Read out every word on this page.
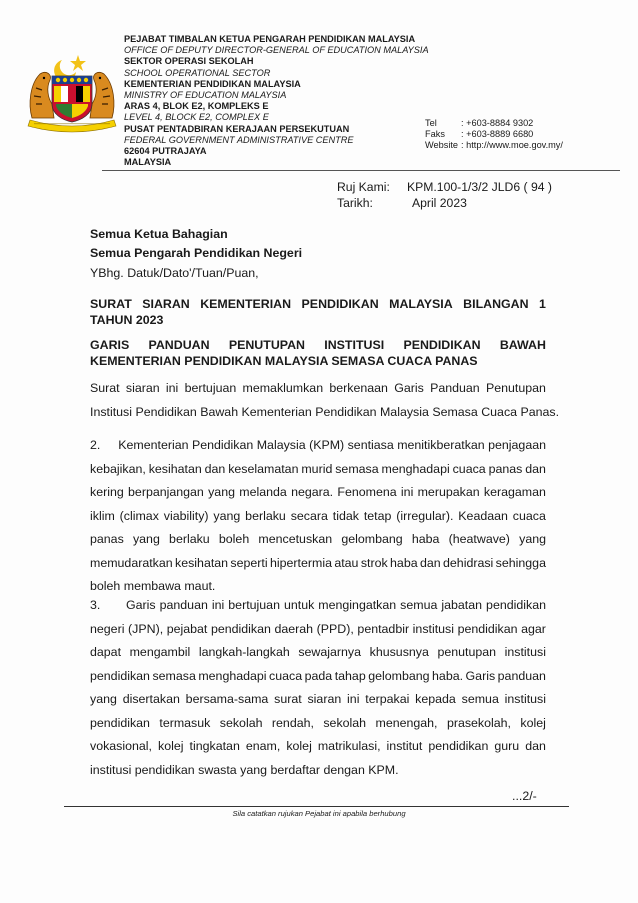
PEJABAT TIMBALAN KETUA PENGARAH PENDIDIKAN MALAYSIA
OFFICE OF DEPUTY DIRECTOR-GENERAL OF EDUCATION MALAYSIA
SEKTOR OPERASI SEKOLAH
SCHOOL OPERATIONAL SECTOR
KEMENTERIAN PENDIDIKAN MALAYSIA
MINISTRY OF EDUCATION MALAYSIA
ARAS 4, BLOK E2, KOMPLEKS E
LEVEL 4, BLOCK E2, COMPLEX E
PUSAT PENTADBIRAN KERAJAAN PERSEKUTUAN
FEDERAL GOVERNMENT ADMINISTRATIVE CENTRE
62604 PUTRAJAYA
MALAYSIA
Tel	: +603-8884 9302
Faks : +603-8889 6680
Website : http://www.moe.gov.my/
Ruj Kami: KPM.100-1/3/2 JLD6 ( 94 )
Tarikh:	April 2023
Semua Ketua Bahagian
Semua Pengarah Pendidikan Negeri
YBhg. Datuk/Dato'/Tuan/Puan,
SURAT SIARAN KEMENTERIAN PENDIDIKAN MALAYSIA BILANGAN 1
TAHUN 2023
GARIS PANDUAN PENUTUPAN INSTITUSI PENDIDIKAN BAWAH
KEMENTERIAN PENDIDIKAN MALAYSIA SEMASA CUACA PANAS
Surat siaran ini bertujuan memaklumkan berkenaan Garis Panduan Penutupan
Institusi Pendidikan Bawah Kementerian Pendidikan Malaysia Semasa Cuaca Panas.
2.	Kementerian Pendidikan Malaysia (KPM) sentiasa menitikberatkan penjagaan
kebajikan, kesihatan dan keselamatan murid semasa menghadapi cuaca panas dan
kering berpanjangan yang melanda negara. Fenomena ini merupakan keragaman
iklim (climax viability) yang berlaku secara tidak tetap (irregular). Keadaan cuaca
panas yang berlaku boleh mencetuskan gelombang haba (heatwave) yang
memudaratkan kesihatan seperti hipertermia atau strok haba dan dehidrasi sehingga
boleh membawa maut.
3.	Garis panduan ini bertujuan untuk mengingatkan semua jabatan pendidikan
negeri (JPN), pejabat pendidikan daerah (PPD), pentadbir institusi pendidikan agar
dapat mengambil langkah-langkah sewajarnya khususnya penutupan institusi
pendidikan semasa menghadapi cuaca pada tahap gelombang haba. Garis panduan
yang disertakan bersama-sama surat siaran ini terpakai kepada semua institusi
pendidikan termasuk sekolah rendah, sekolah menengah, prasekolah, kolej
vokasional, kolej tingkatan enam, kolej matrikulasi, institut pendidikan guru dan
institusi pendidikan swasta yang berdaftar dengan KPM.
...2/-
Sila catatkan rujukan Pejabat ini apabila berhubung
